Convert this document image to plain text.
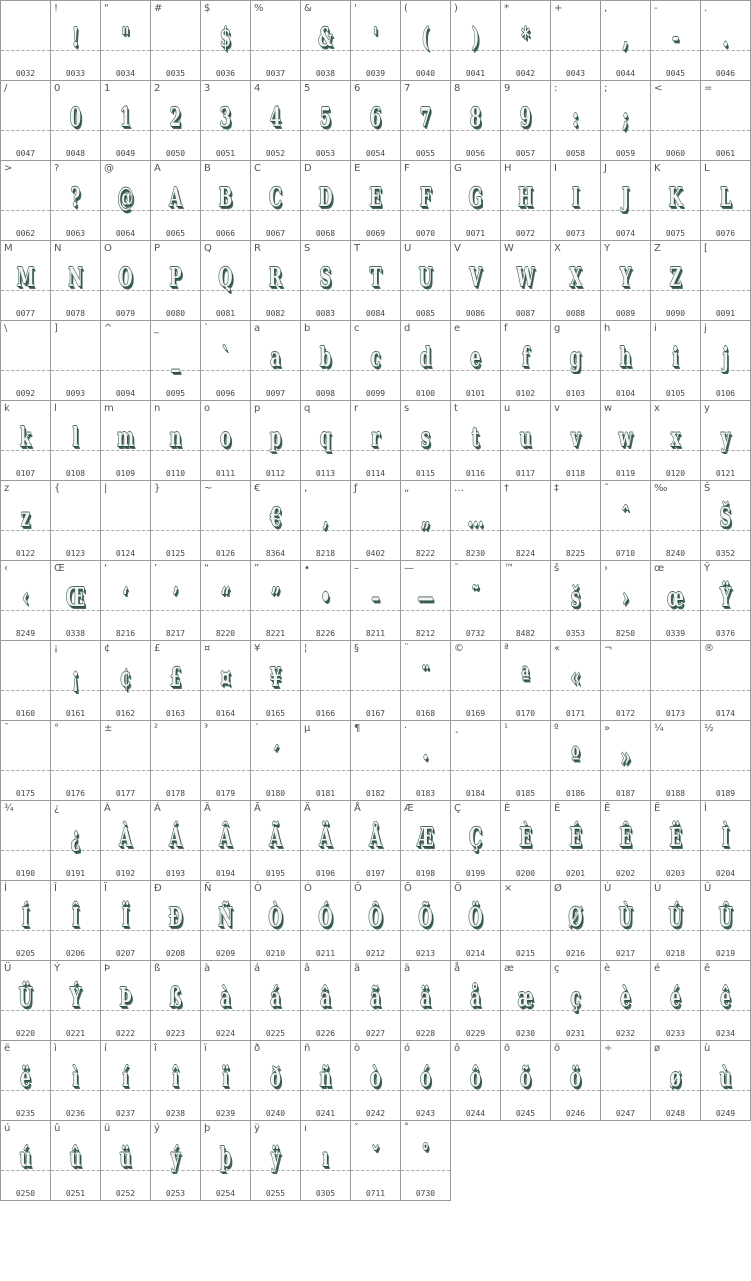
0032
!
!
0033
"
"
0034
#
0035
$
$
0036
%
0037
&
&
0038
'
'
0039
(
(
0040
)
)
0041
*
*
0042
+
0043
,
,
0044
-
-
0045
.
.
0046
/
0047
0
0
0048
1
1
0049
2
2
0050
3
3
0051
4
4
0052
5
5
0053
6
6
0054
7
7
0055
8
8
0056
9
9
0057
:
:
0058
;
;
0059
<
0060
=
0061
>
0062
?
?
0063
@
@
0064
A
A
0065
B
B
0066
C
C
0067
D
D
0068
E
E
0069
F
F
0070
G
G
0071
H
H
0072
I
I
0073
J
J
0074
K
K
0075
L
L
0076
M
M
0077
N
N
0078
O
O
0079
P
P
0080
Q
Q
0081
R
R
0082
S
S
0083
T
T
0084
U
U
0085
V
V
0086
W
W
0087
X
X
0088
Y
Y
0089
Z
Z
0090
[
0091
\
0092
]
0093
^
0094
_
_
0095
`
`
0096
a
a
0097
b
b
0098
c
c
0099
d
d
0100
e
e
0101
f
f
0102
g
g
0103
h
h
0104
i
i
0105
j
j
0106
k
k
0107
l
l
0108
m
m
0109
n
n
0110
o
o
0111
p
p
0112
q
q
0113
r
r
0114
s
s
0115
t
t
0116
u
u
0117
v
v
0118
w
w
0119
x
x
0120
y
y
0121
z
z
0122
{
0123
|
0124
}
0125
~
0126
€
€
8364
‚
‚
8218
ƒ
0402
„
„
8222
…
…
8230
†
8224
‡
8225
ˆ
ˆ
0710
‰
8240
Š
Š
0352
‹
‹
8249
Œ
Œ
0338
‘
‘
8216
’
’
8217
“
“
8220
”
”
8221
•
•
8226
–
–
8211
—
—
8212
˜
˜
0732
™
8482
š
š
0353
›
›
8250
œ
œ
0339
Ÿ
Ÿ
0376
0160
¡
¡
0161
¢
¢
0162
£
£
0163
¤
¤
0164
¥
¥
0165
¦
0166
§
0167
¨
¨
0168
©
0169
ª
ª
0170
«
«
0171
¬
0172	0173
®
0174
¯
0175
°
0176
±
0177
²
0178
³
0179
´
´
0180
µ
0181
¶
0182
·
·
0183
¸
0184
¹
0185
º
º
0186
»
»
0187
¼
0188
½
0189
¾
0190
¿
¿
0191
À
À
0192
Á
Á
0193
Â
Â
0194
Ã
Ã
0195
Ä
Ä
0196
Å
Å
0197
Æ
Æ
0198
Ç
Ç
0199
È
È
0200
É
É
0201
Ê
Ê
0202
Ë
Ë
0203
Ì
Ì
0204
Í
Í
0205
Î
Î
0206
Ï
Ï
0207
Ð
Ð
0208
Ñ
Ñ
0209
Ò
Ò
0210
Ó
Ó
0211
Ô
Ô
0212
Õ
Õ
0213
Ö
Ö
0214
×
0215
Ø
Ø
0216
Ù
Ù
0217
Ú
Ú
0218
Û
Û
0219
Ü
Ü
0220
Ý
Ý
0221
Þ
Þ
0222
ß
ß
0223
à
à
0224
á
á
0225
â
â
0226
ã
ã
0227
ä
ä
0228
å
å
0229
æ
æ
0230
ç
ç
0231
è
è
0232
é
é
0233
ê
ê
0234
ë
ë
0235
ì
ì
0236
í
í
0237
î
î
0238
ï
ï
0239
ð
ð
0240
ñ
ñ
0241
ò
ò
0242
ó
ó
0243
ô
ô
0244
õ
õ
0245
ö
ö
0246
÷
0247
ø
ø
0248
ù
ù
0249
ú
ú
0250
û
û
0251
ü
ü
0252
ý
ý
0253
þ
þ
0254
ÿ
ÿ
0255
ı
ı
0305
ˇ
ˇ
0711
˚
˚
0730
